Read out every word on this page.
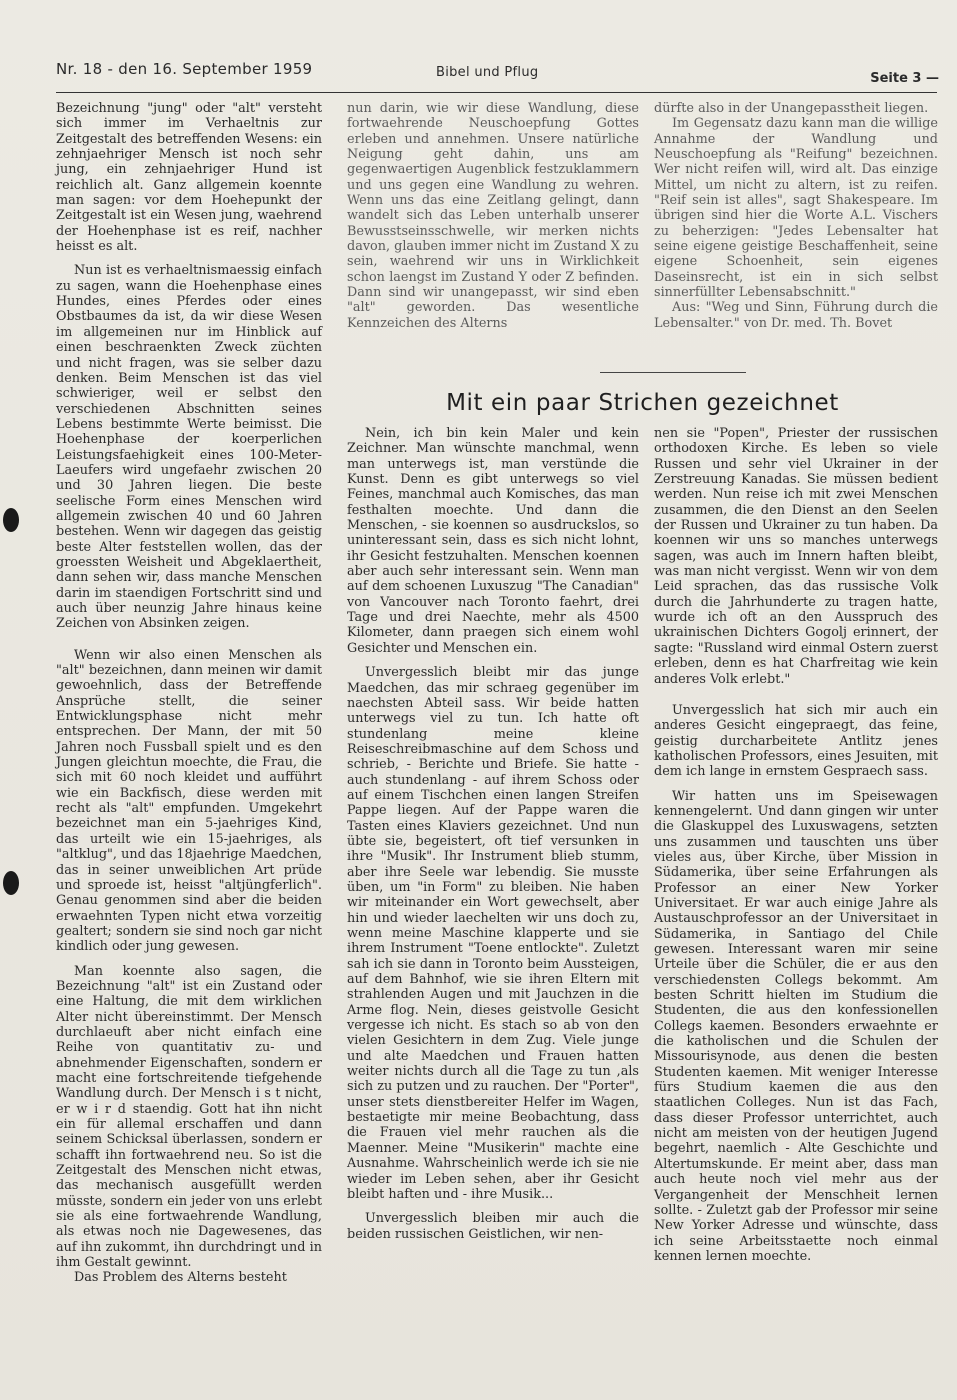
Nr. 18 - den 16. September 1959	Bibel und Pflug	Seite 3 —

Bezeichnung "jung" oder "alt" versteht sich immer im Verhaeltnis zur Zeitgestalt des betreffenden Wesens: ein zehnjaehriger Mensch ist noch sehr jung, ein zehnjaehriger Hund ist reichlich alt. Ganz allgemein koennte man sagen: vor dem Hoehepunkt der Zeitgestalt ist ein Wesen jung, waehrend der Hoehenphase ist es reif, nachher heisst es alt.

Nun ist es verhaeltnismaessig einfach zu sagen, wann die Hoehenphase eines Hundes, eines Pferdes oder eines Obstbaumes da ist, da wir diese Wesen im allgemeinen nur im Hinblick auf einen beschraenkten Zweck züchten und nicht fragen, was sie selber dazu denken. Beim Menschen ist das viel schwieriger, weil er selbst den verschiedenen Abschnitten seines Lebens bestimmte Werte beimisst. Die Hoehenphase der koerperlichen Leistungsfaehigkeit eines 100-Meter-Laeufers wird ungefaehr zwischen 20 und 30 Jahren liegen. Die beste seelische Form eines Menschen wird allgemein zwischen 40 und 60 Jahren bestehen. Wenn wir dagegen das geistig beste Alter feststellen wollen, das der groessten Weisheit und Abgeklaertheit, dann sehen wir, dass manche Menschen darin im staendigen Fortschritt sind und auch über neunzig Jahre hinaus keine Zeichen von Absinken zeigen.

Wenn wir also einen Menschen als "alt" bezeichnen, dann meinen wir damit gewoehnlich, dass der Betreffende Ansprüche stellt, die seiner Entwicklungsphase nicht mehr entsprechen. Der Mann, der mit 50 Jahren noch Fussball spielt und es den Jungen gleichtun moechte, die Frau, die sich mit 60 noch kleidet und aufführt wie ein Backfisch, diese werden mit recht als "alt" empfunden. Umgekehrt bezeichnet man ein 5-jaehriges Kind, das urteilt wie ein 15-jaehriges, als "altklug", und das 18jaehrige Maedchen, das in seiner unweiblichen Art prüde und sproede ist, heisst "altjüngferlich". Genau genommen sind aber die beiden erwaehnten Typen nicht etwa vorzeitig gealtert; sondern sie sind noch gar nicht kindlich oder jung gewesen.

Man koennte also sagen, die Bezeichnung "alt" ist ein Zustand oder eine Haltung, die mit dem wirklichen Alter nicht übereinstimmt. Der Mensch durchlaeuft aber nicht einfach eine Reihe von quantitativ zu- und abnehmender Eigenschaften, sondern er macht eine fortschreitende tiefgehende Wandlung durch. Der Mensch i s t nicht, er w i r d staendig. Gott hat ihn nicht ein für allemal erschaffen und dann seinem Schicksal überlassen, sondern er schafft ihn fortwaehrend neu. So ist die Zeitgestalt des Menschen nicht etwas, das mechanisch ausgefüllt werden müsste, sondern ein jeder von uns erlebt sie als eine fortwaehrende Wandlung, als etwas noch nie Dagewesenes, das auf ihn zukommt, ihn durchdringt und in ihm Gestalt gewinnt.

Das Problem des Alterns besteht

nun darin, wie wir diese Wandlung, diese fortwaehrende Neuschoepfung Gottes erleben und annehmen. Unsere natürliche Neigung geht dahin, uns am gegenwaertigen Augenblick festzuklammern und uns gegen eine Wandlung zu wehren. Wenn uns das eine Zeitlang gelingt, dann wandelt sich das Leben unterhalb unserer Bewusstseinsschwelle, wir merken nichts davon, glauben immer nicht im Zustand X zu sein, waehrend wir uns in Wirklichkeit schon laengst im Zustand Y oder Z befinden. Dann sind wir unangepasst, wir sind eben "alt" geworden. Das wesentliche Kennzeichen des Alterns

dürfte also in der Unangepasstheit liegen.

Im Gegensatz dazu kann man die willige Annahme der Wandlung und Neuschoepfung als "Reifung" bezeichnen. Wer nicht reifen will, wird alt. Das einzige Mittel, um nicht zu altern, ist zu reifen. "Reif sein ist alles", sagt Shakespeare. Im übrigen sind hier die Worte A.L. Vischers zu beherzigen: "Jedes Lebensalter hat seine eigene geistige Beschaffenheit, seine eigene Schoenheit, sein eigenes Daseinsrecht, ist ein in sich selbst sinnerfüllter Lebensabschnitt."

Aus: "Weg und Sinn, Führung durch die Lebensalter." von Dr. med. Th. Bovet

Mit ein paar Strichen gezeichnet

Nein, ich bin kein Maler und kein Zeichner. Man wünschte manchmal, wenn man unterwegs ist, man verstünde die Kunst. Denn es gibt unterwegs so viel Feines, manchmal auch Komisches, das man festhalten moechte. Und dann die Menschen, - sie koennen so ausdruckslos, so uninteressant sein, dass es sich nicht lohnt, ihr Gesicht festzuhalten. Menschen koennen aber auch sehr interessant sein. Wenn man auf dem schoenen Luxuszug "The Canadian" von Vancouver nach Toronto faehrt, drei Tage und drei Naechte, mehr als 4500 Kilometer, dann praegen sich einem wohl Gesichter und Menschen ein.

Unvergesslich bleibt mir das junge Maedchen, das mir schraeg gegenüber im naechsten Abteil sass. Wir beide hatten unterwegs viel zu tun. Ich hatte oft stundenlang meine kleine Reiseschreibmaschine auf dem Schoss und schrieb, - Berichte und Briefe. Sie hatte - auch stundenlang - auf ihrem Schoss oder auf einem Tischchen einen langen Streifen Pappe liegen. Auf der Pappe waren die Tasten eines Klaviers gezeichnet. Und nun übte sie, begeistert, oft tief versunken in ihre "Musik". Ihr Instrument blieb stumm, aber ihre Seele war lebendig. Sie musste üben, um "in Form" zu bleiben. Nie haben wir miteinander ein Wort gewechselt, aber hin und wieder laechelten wir uns doch zu, wenn meine Maschine klapperte und sie ihrem Instrument "Toene entlockte". Zuletzt sah ich sie dann in Toronto beim Aussteigen, auf dem Bahnhof, wie sie ihren Eltern mit strahlenden Augen und mit Jauchzen in die Arme flog. Nein, dieses geistvolle Gesicht vergesse ich nicht. Es stach so ab von den vielen Gesichtern in dem Zug. Viele junge und alte Maedchen und Frauen hatten weiter nichts durch all die Tage zu tun ,als sich zu putzen und zu rauchen. Der "Porter", unser stets dienstbereiter Helfer im Wagen, bestaetigte mir meine Beobachtung, dass die Frauen viel mehr rauchen als die Maenner. Meine "Musikerin" machte eine Ausnahme. Wahrscheinlich werde ich sie nie wieder im Leben sehen, aber ihr Gesicht bleibt haften und - ihre Musik...

Unvergesslich bleiben mir auch die beiden russischen Geistlichen, wir nen-

nen sie "Popen", Priester der russischen orthodoxen Kirche. Es leben so viele Russen und sehr viel Ukrainer in der Zerstreuung Kanadas. Sie müssen bedient werden. Nun reise ich mit zwei Menschen zusammen, die den Dienst an den Seelen der Russen und Ukrainer zu tun haben. Da koennen wir uns so manches unterwegs sagen, was auch im Innern haften bleibt, was man nicht vergisst. Wenn wir von dem Leid sprachen, das das russische Volk durch die Jahrhunderte zu tragen hatte, wurde ich oft an den Ausspruch des ukrainischen Dichters Gogolj erinnert, der sagte: "Russland wird einmal Ostern zuerst erleben, denn es hat Charfreitag wie kein anderes Volk erlebt."

Unvergesslich hat sich mir auch ein anderes Gesicht eingepraegt, das feine, geistig durcharbeitete Antlitz jenes katholischen Professors, eines Jesuiten, mit dem ich lange in ernstem Gespraech sass.

Wir hatten uns im Speisewagen kennengelernt. Und dann gingen wir unter die Glaskuppel des Luxuswagens, setzten uns zusammen und tauschten uns über vieles aus, über Kirche, über Mission in Südamerika, über seine Erfahrungen als Professor an einer New Yorker Universitaet. Er war auch einige Jahre als Austauschprofessor an der Universitaet in Südamerika, in Santiago del Chile gewesen. Interessant waren mir seine Urteile über die Schüler, die er aus den verschiedensten Collegs bekommt. Am besten Schritt hielten im Studium die Studenten, die aus den konfessionellen Collegs kaemen. Besonders erwaehnte er die katholischen und die Schulen der Missourisynode, aus denen die besten Studenten kaemen. Mit weniger Interesse fürs Studium kaemen die aus den staatlichen Colleges. Nun ist das Fach, dass dieser Professor unterrichtet, auch nicht am meisten von der heutigen Jugend begehrt, naemlich - Alte Geschichte und Altertumskunde. Er meint aber, dass man auch heute noch viel mehr aus der Vergangenheit der Menschheit lernen sollte. - Zuletzt gab der Professor mir seine New Yorker Adresse und wünschte, dass ich seine Arbeitsstaette noch einmal kennen lernen moechte.
